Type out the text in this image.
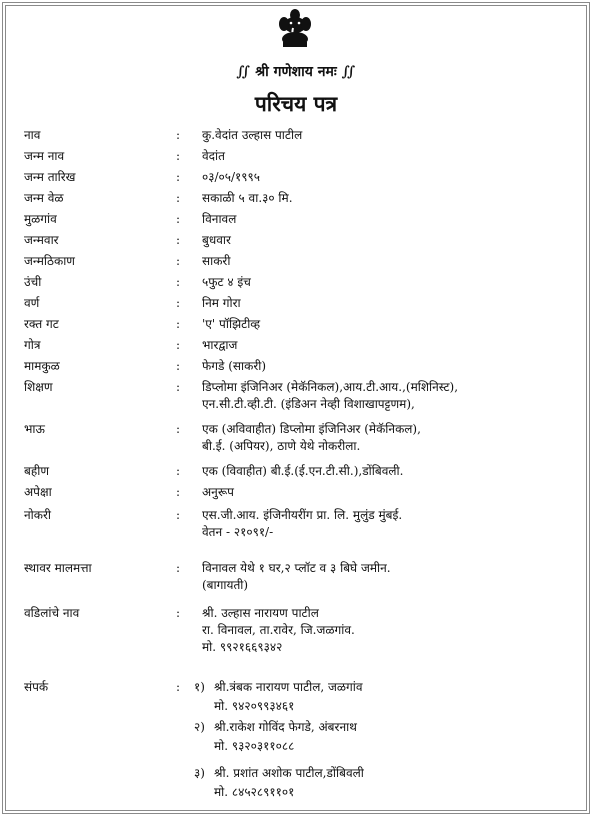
∬ श्री गणेशाय नमः ∬
परिचय पत्र
नाव	: कु.वेदांत उल्हास पाटील
जन्म नाव	: वेदांत
जन्म तारिख	: ०३/०५/१९९५
जन्म वेळ	: सकाळी ५ वा.३० मि.
मुळगांव	: विनावल
जन्मवार	: बुधवार
जन्मठिकाण	: साकरी
उंची	: ५फुट ४ इंच
वर्ण	: निम गोरा
रक्त गट	: 'ए' पॉझिटीव्ह
गोत्र	: भारद्वाज
मामकुळ	: फेगडे (साकरी)
शिक्षण	: डिप्लोमा इंजिनिअर (मेकॅनिकल),आय.टी.आय.,(मशिनिस्ट),
एन.सी.टी.व्ही.टी. (इंडिअन नेव्ही विशाखापट्टणम),
भाऊ	: एक (अविवाहीत) डिप्लोमा इंजिनिअर (मेकॅनिकल),
बी.ई. (अपियर), ठाणे येथे नोकरीला.
बहीण	: एक (विवाहीत) बी.ई.(ई.एन.टी.सी.),डोंबिवली.
अपेक्षा	: अनुरूप
नोकरी	: एस.जी.आय. इंजिनीयरींग प्रा. लि. मुलुंड मुंबई.
वेतन - २१०९१/-
स्थावर मालमत्ता	: विनावल येथे १ घर,२ प्लॉट व ३ बिघे जमीन.
(बागायती)
वडिलांचे नाव	: श्री. उल्हास नारायण पाटील
रा. विनावल, ता.रावेर, जि.जळगांव.
मो. ९९२१६६९३४२
संपर्क	: १) श्री.त्रंबक नारायण पाटील, जळगांव
मो. ९४२०९९३४६१
२) श्री.राकेश गोविंद फेगडे, अंबरनाथ
मो. ९३२०३११०८८
३) श्री. प्रशांत अशोक पाटील,डोंबिवली
मो. ८४५२८९११०१
